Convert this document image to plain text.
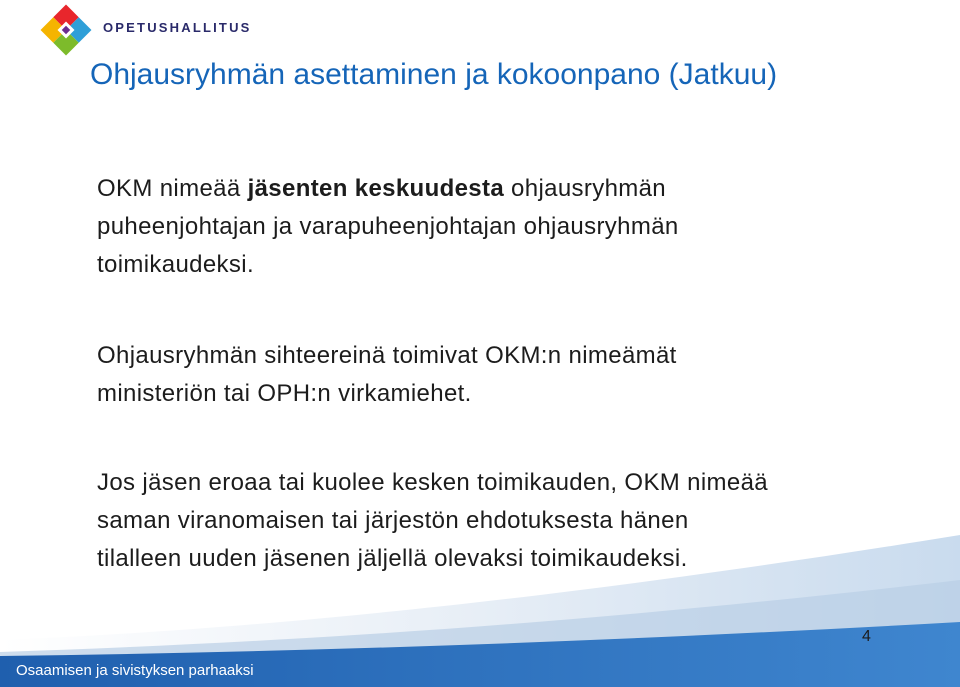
OPETUSHALLITUS
Ohjausryhmän asettaminen ja kokoonpano (Jatkuu)

OKM nimeää jäsenten keskuudesta ohjausryhmän
puheenjohtajan ja varapuheenjohtajan ohjausryhmän
toimikaudeksi.

Ohjausryhmän sihteereinä toimivat OKM:n nimeämät
ministeriön tai OPH:n virkamiehet.

Jos jäsen eroaa tai kuolee kesken toimikauden, OKM nimeää
saman viranomaisen tai järjestön ehdotuksesta hänen
tilalleen uuden jäsenen jäljellä olevaksi toimikaudeksi.

4
Osaamisen ja sivistyksen parhaaksi
